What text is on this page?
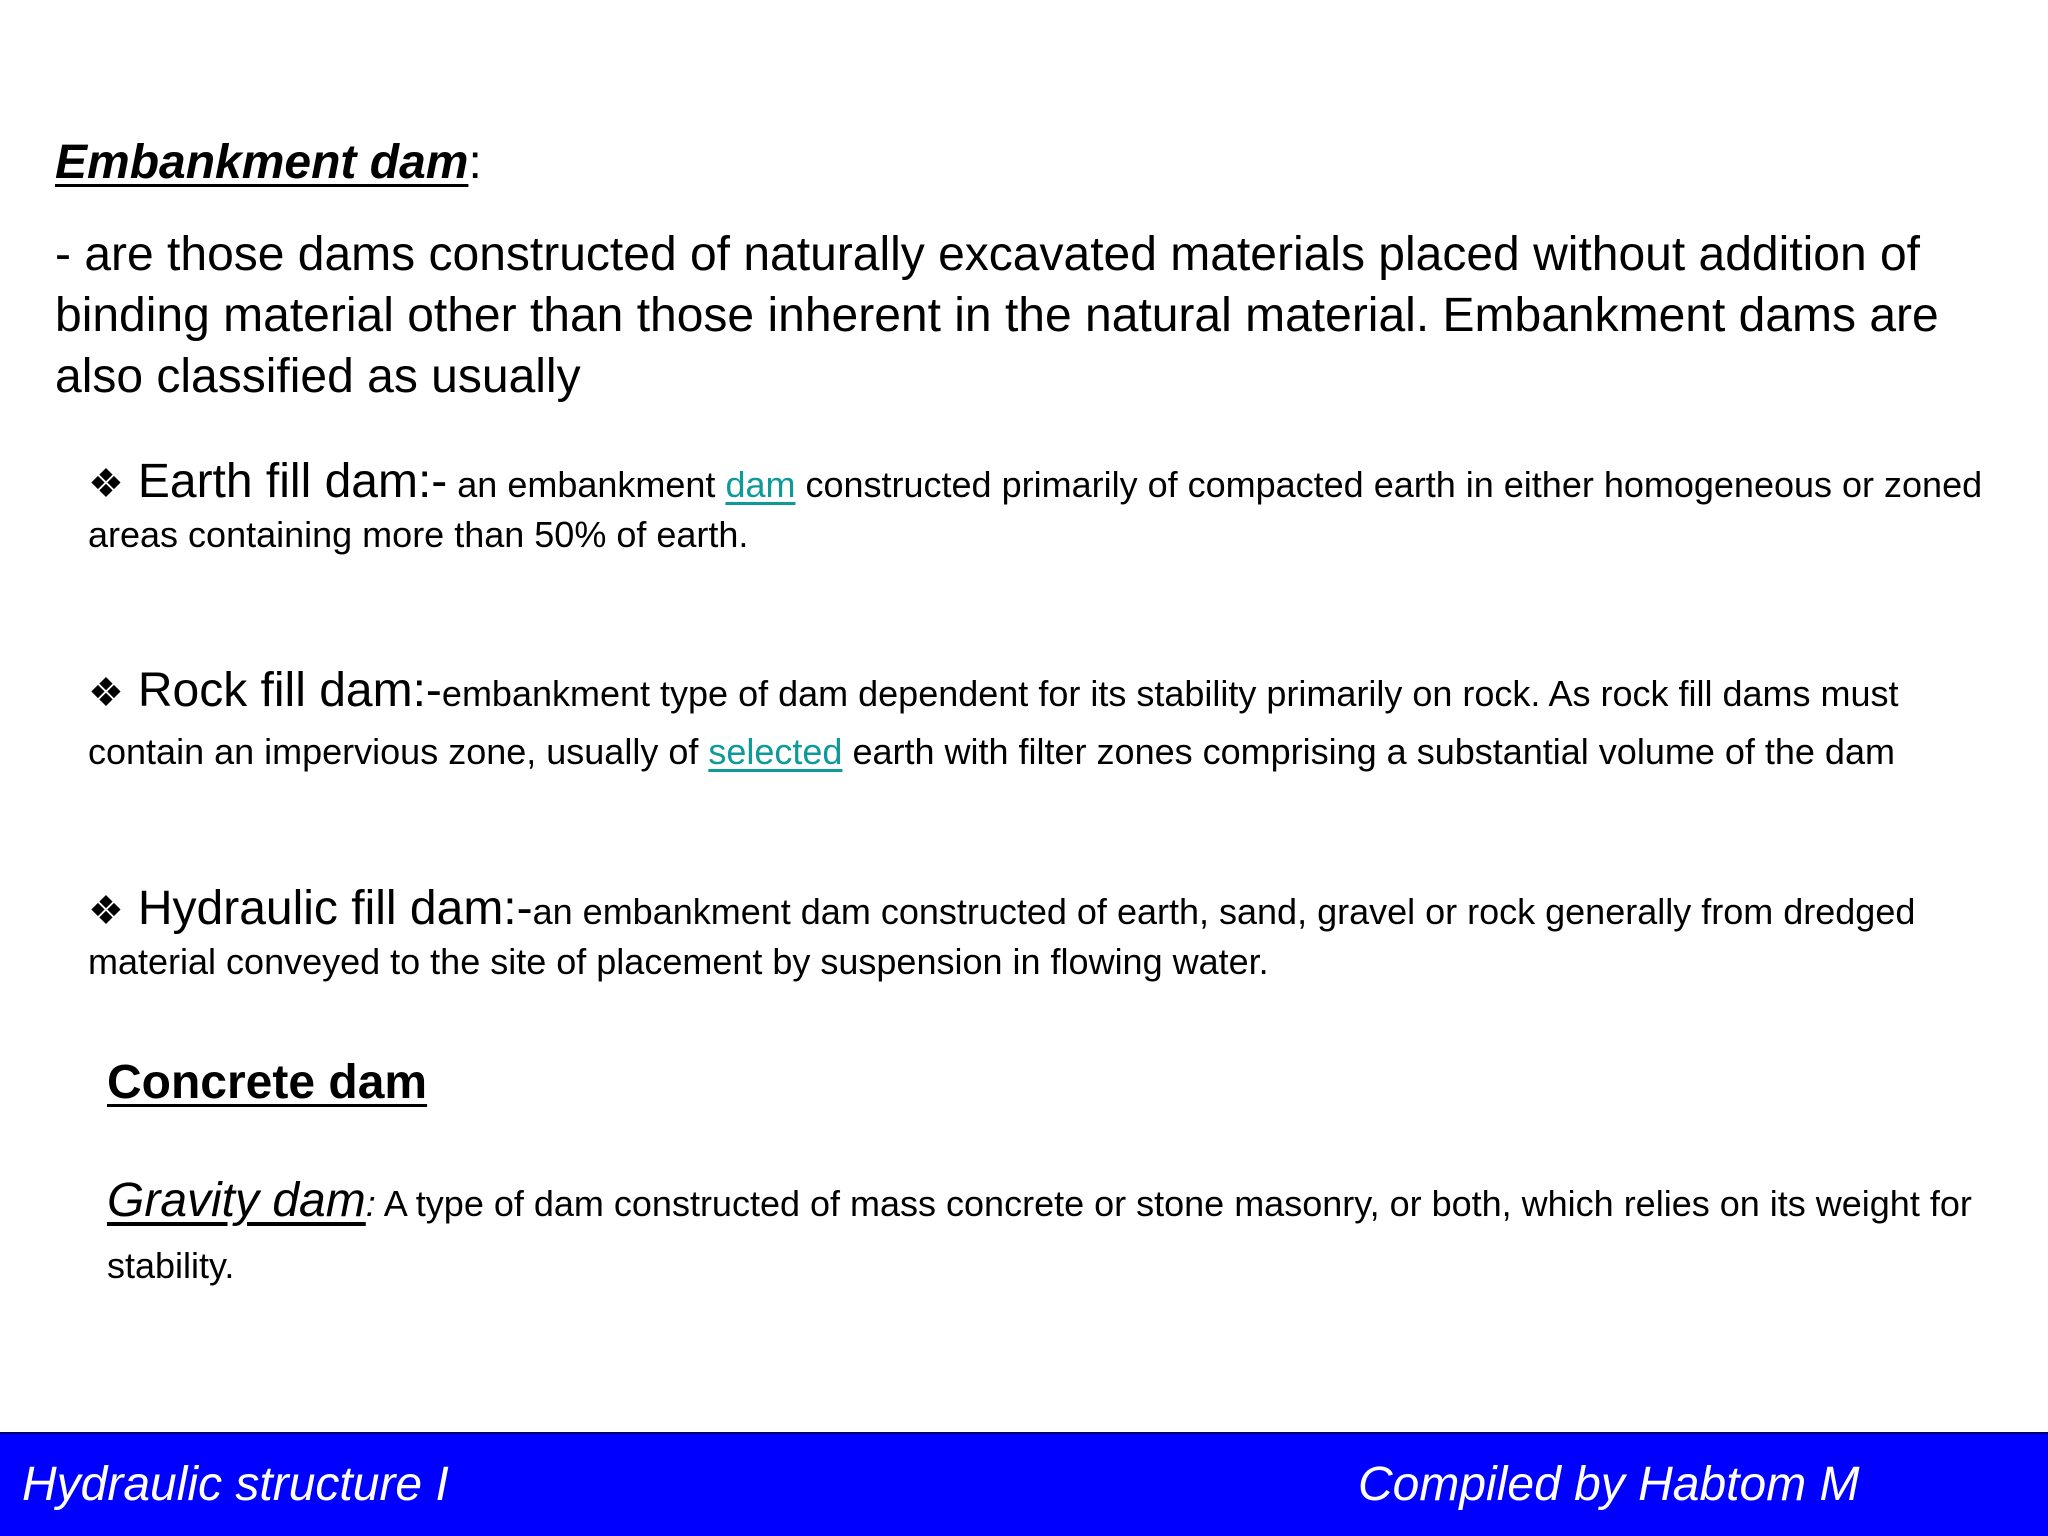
Embankment dam:
- are those dams constructed of naturally excavated materials placed without addition of binding material other than those inherent in the natural material. Embankment dams are also classified as usually
❖ Earth fill dam:- an embankment dam constructed primarily of compacted earth in either homogeneous or zoned areas containing more than 50% of earth.
❖ Rock fill dam:-embankment type of dam dependent for its stability primarily on rock. As rock fill dams must contain an impervious zone, usually of selected earth with filter zones comprising a substantial volume of the dam
❖ Hydraulic fill dam:-an embankment dam constructed of earth, sand, gravel or rock generally from dredged material conveyed to the site of placement by suspension in flowing water.
Concrete dam
Gravity dam: A type of dam constructed of mass concrete or stone masonry, or both, which relies on its weight for stability.
Hydraulic structure I	Compiled by Habtom M
